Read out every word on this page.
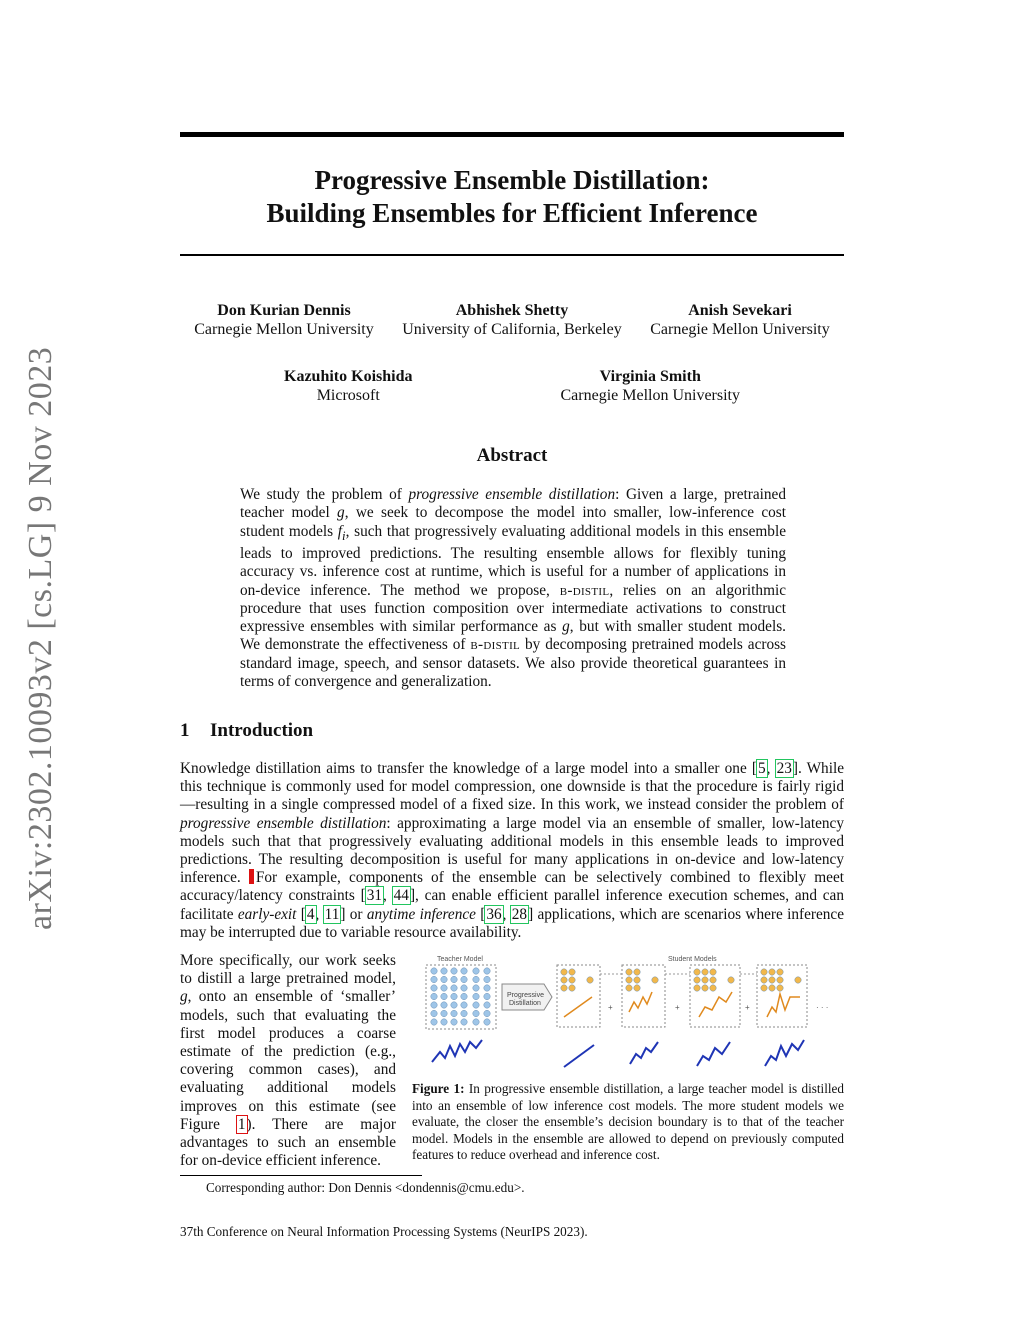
arXiv:2302.10093v2 [cs.LG] 9 Nov 2023
Progressive Ensemble Distillation:
Building Ensembles for Efficient Inference
Don Kurian Dennis
Carnegie Mellon University
Abhishek Shetty
University of California, Berkeley
Anish Sevekari
Carnegie Mellon University
Kazuhito Koishida
Microsoft
Virginia Smith
Carnegie Mellon University
Abstract
We study the problem of progressive ensemble distillation: Given a large, pretrained teacher model g, we seek to decompose the model into smaller, low-inference cost student models $f_i$, such that progressively evaluating additional models in this ensemble leads to improved predictions. The resulting ensemble allows for flexibly tuning accuracy vs. inference cost at runtime, which is useful for a number of applications in on-device inference. The method we propose, b-distil, relies on an algorithmic procedure that uses function composition over intermediate activations to construct expressive ensembles with similar performance as g, but with smaller student models. We demonstrate the effectiveness of b-distil by decomposing pretrained models across standard image, speech, and sensor datasets. We also provide theoretical guarantees in terms of convergence and generalization.
1 Introduction
Knowledge distillation aims to transfer the knowledge of a large model into a smaller one [5, 23]. While this technique is commonly used for model compression, one downside is that the procedure is fairly rigid—resulting in a single compressed model of a fixed size. In this work, we instead consider the problem of progressive ensemble distillation: approximating a large model via an ensemble of smaller, low-latency models such that that progressively evaluating additional models in this ensemble leads to improved predictions. The resulting decomposition is useful for many applications in on-device and low-latency inference. For example, components of the ensemble can be selectively combined to flexibly meet accuracy/latency constraints [31, 44], can enable efficient parallel inference execution schemes, and can facilitate early-exit [4, 11] or anytime inference [36, 28] applications, which are scenarios where inference may be interrupted due to variable resource availability.
More specifically, our work seeks to distill a large pretrained model, g, onto an ensemble of ‘smaller’ models, such that evaluating the first model produces a coarse estimate of the prediction (e.g., covering common cases), and evaluating additional models improves on this estimate (see Figure 1). There are major advantages to such an ensemble for on-device efficient inference.
Teacher Model	Student Models
Progressive
Distillation	+	+	+	· · ·
Figure 1: In progressive ensemble distillation, a large teacher model is distilled into an ensemble of low inference cost models. The more student models we evaluate, the closer the ensemble’s decision boundary is to that of the teacher model. Models in the ensemble are allowed to depend on previously computed features to reduce overhead and inference cost.
Corresponding author: Don Dennis <dondennis@cmu.edu>.
37th Conference on Neural Information Processing Systems (NeurIPS 2023).
